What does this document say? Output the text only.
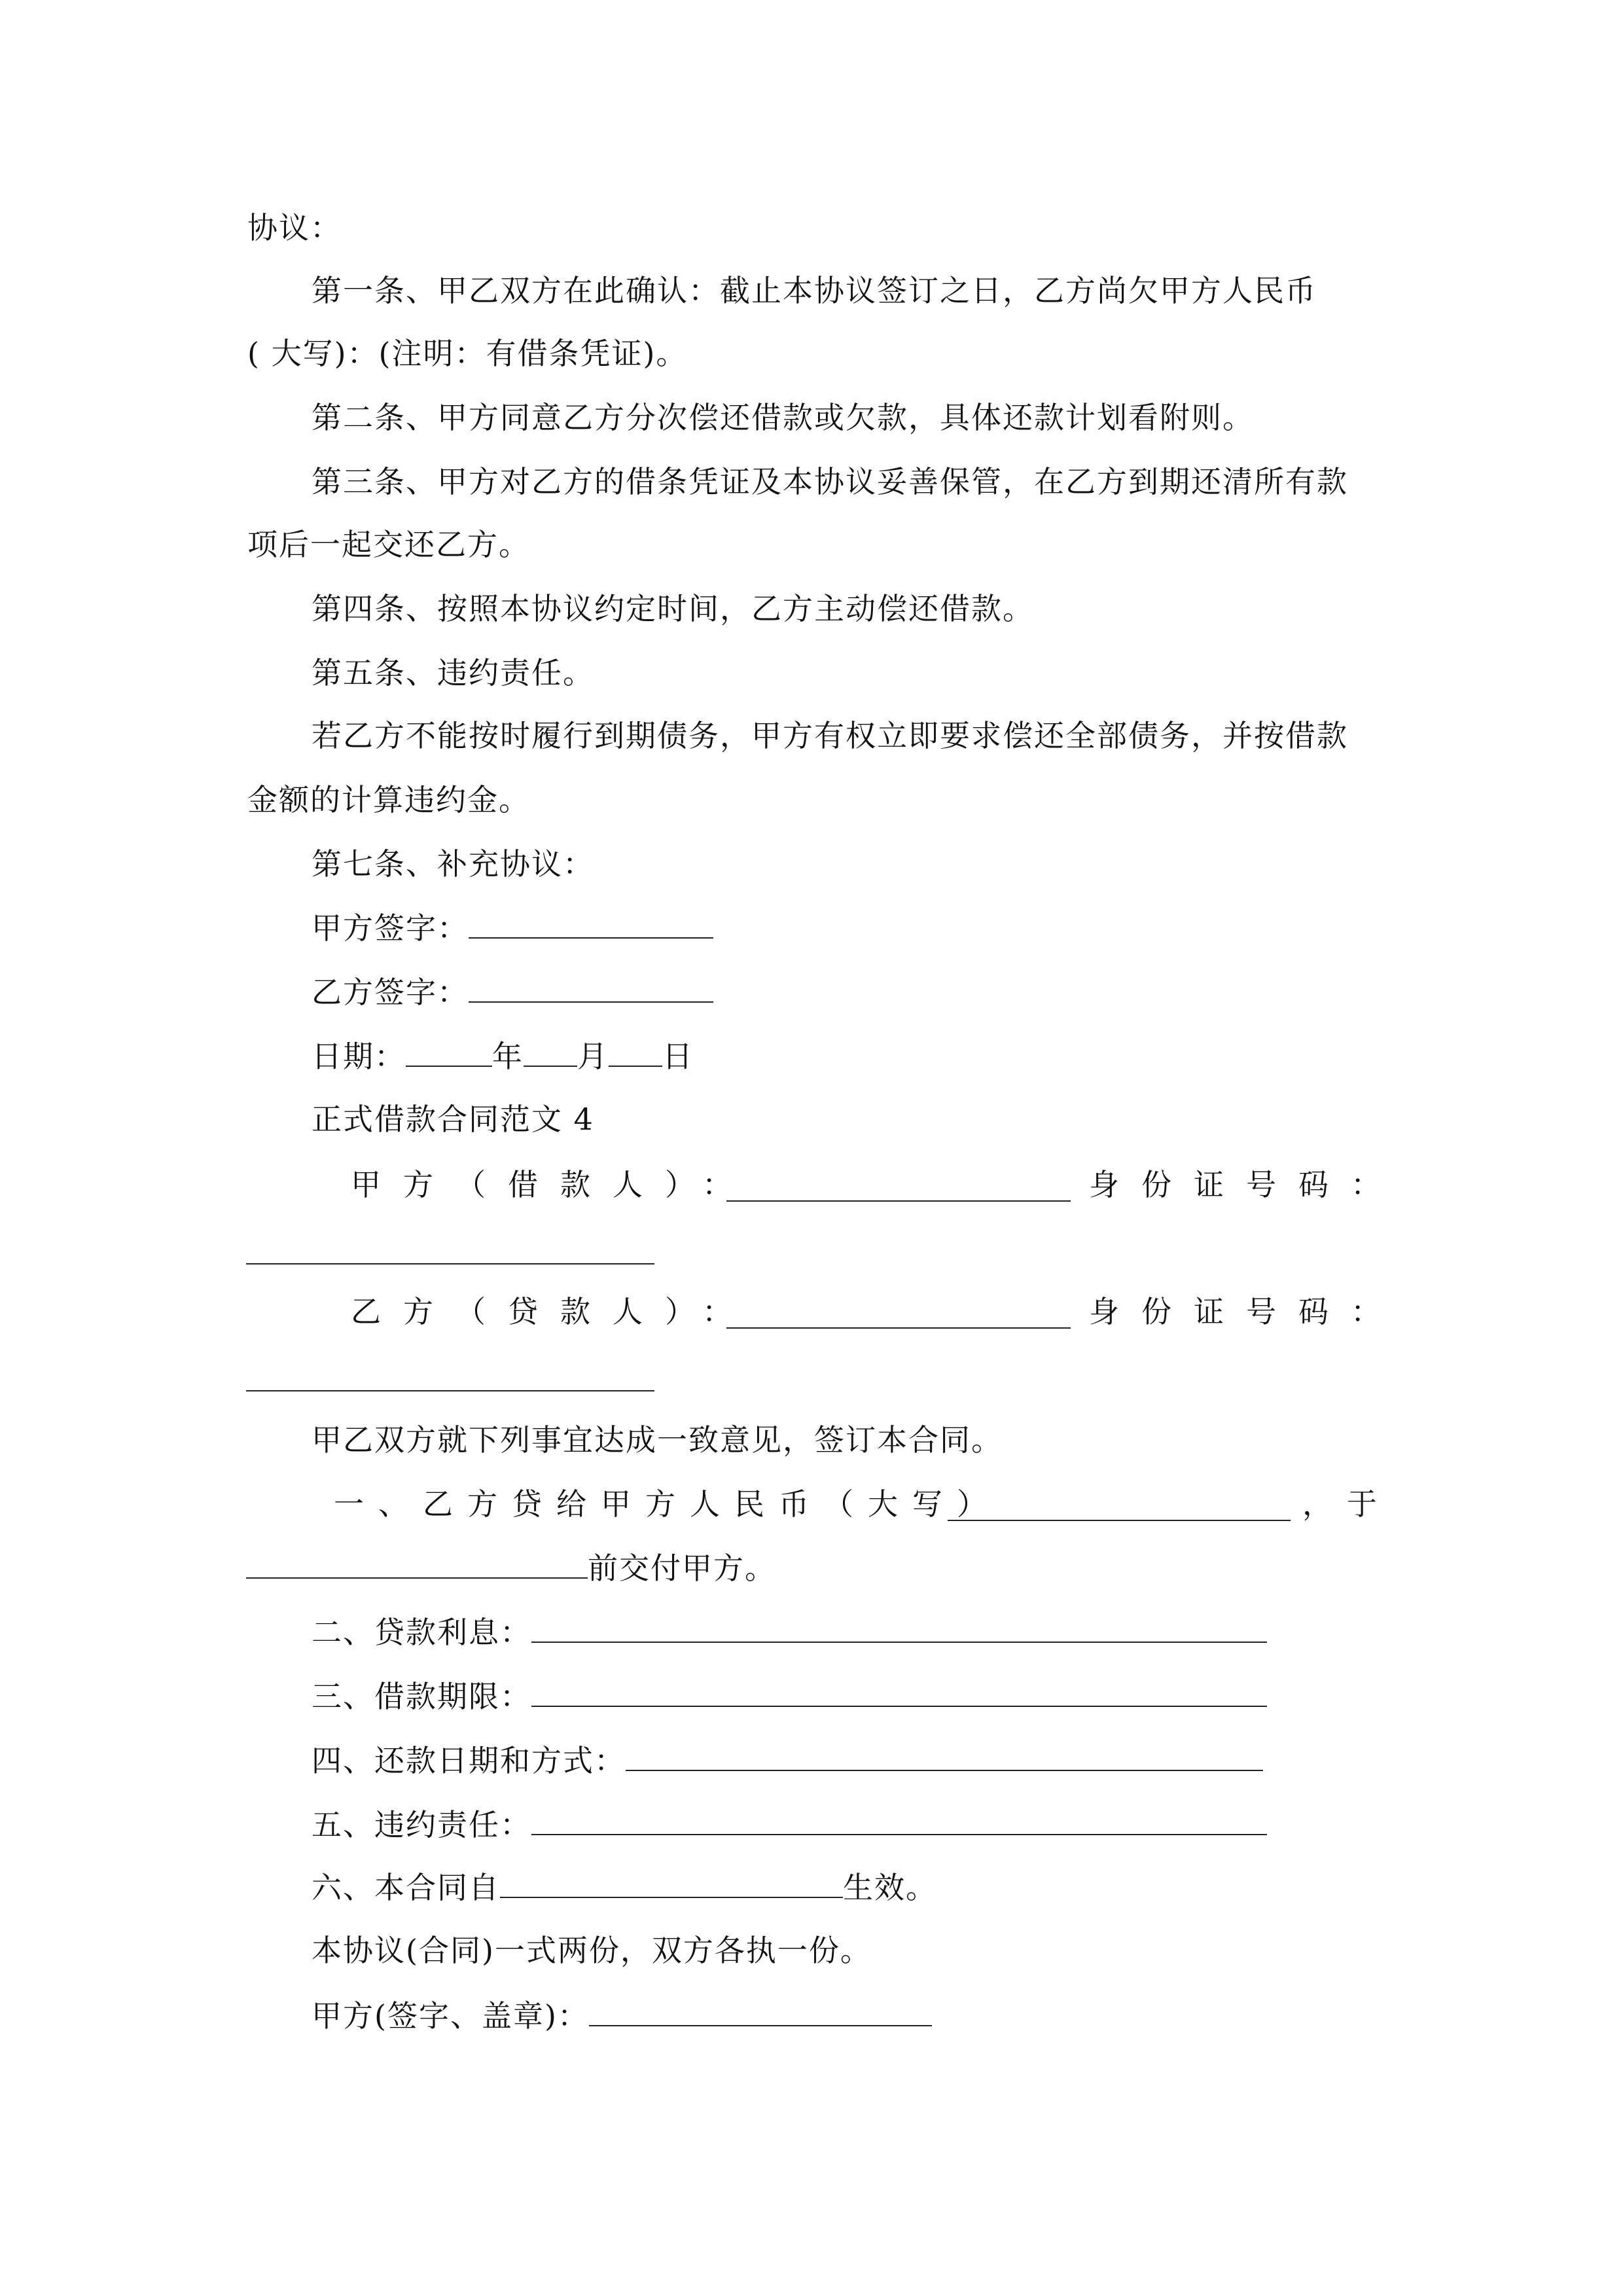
协议：
第一条、甲乙双方在此确认：截止本协议签订之日，乙方尚欠甲方人民币
( 大写)：(注明：有借条凭证)。
第二条、甲方同意乙方分次偿还借款或欠款，具体还款计划看附则。
第三条、甲方对乙方的借条凭证及本协议妥善保管，在乙方到期还清所有款
项后一起交还乙方。
第四条、按照本协议约定时间，乙方主动偿还借款。
第五条、违约责任。
若乙方不能按时履行到期债务，甲方有权立即要求偿还全部债务，并按借款
金额的计算违约金。
第七条、补充协议：
甲方签字：
乙方签字：
日期：	年 月 日
正式借款合同范文 4
甲方（借款人）：	身份证号码：
乙方（贷款人）：	身份证号码：
甲乙双方就下列事宜达成一致意见，签订本合同。
一、乙方贷给甲方人民币（大写）	，于
前交付甲方。
二、贷款利息：
三、借款期限：
四、还款日期和方式：
五、违约责任：
六、本合同自	生效。
本协议(合同)一式两份，双方各执一份。
甲方(签字、盖章)：
